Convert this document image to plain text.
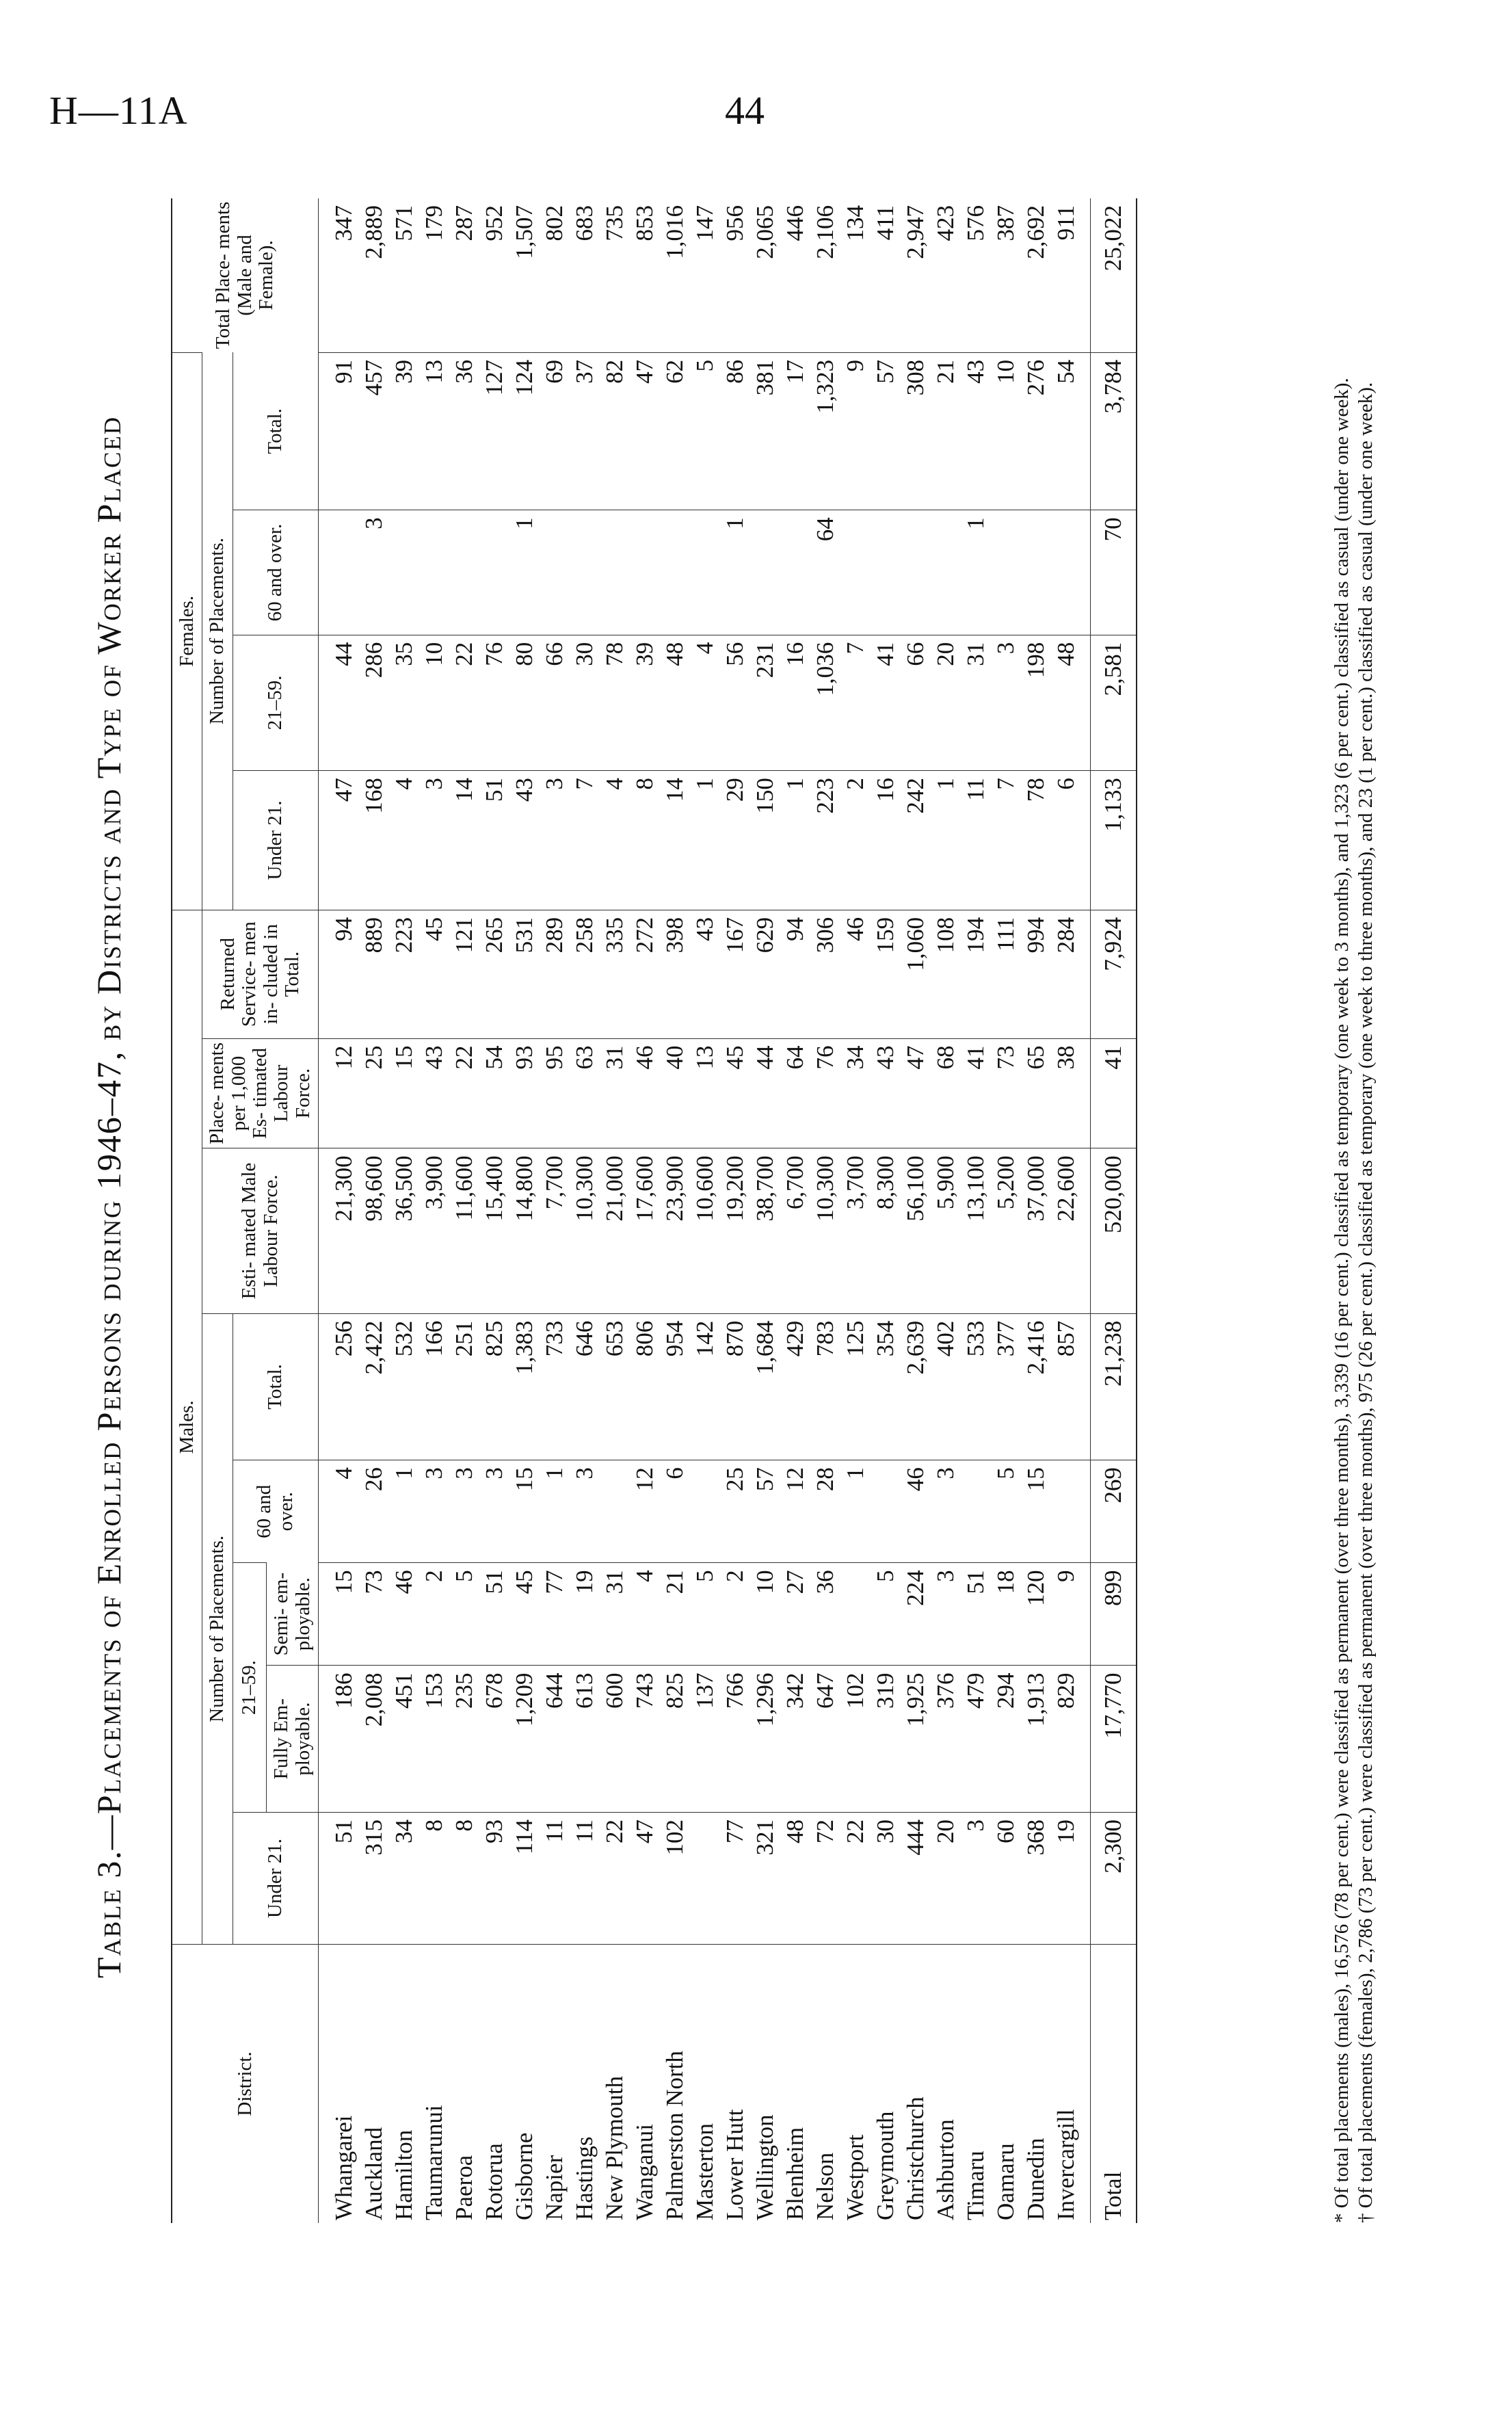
H—11A	44
Table 3.—Placements of Enrolled Persons during 1946–47, by Districts and Type of Worker Placed
District.	Males.								Females.				Total Place- ments (Male and Female).
	Number of Placements.					Esti- mated Male Labour Force.	Place- ments per 1,000 Es- timated Labour Force.	Returned Service- men in- cluded in Total.	Number of Placements.				
	Under 21.	21–59.		60 and over.	Total.				Under 21.	21–59.	60 and over.	Total.	
		Fully Em- ployable.	Semi- em- ployable.										
Whangarei	51	186	15	4	256	21,300	12	94	47	44		91	347
Auckland	315	2,008	73	26	2,422	98,600	25	889	168	286	3	457	2,889
Hamilton	34	451	46	1	532	36,500	15	223	4	35		39	571
Taumarunui	8	153	2	3	166	3,900	43	45	3	10		13	179
Paeroa	8	235	5	3	251	11,600	22	121	14	22		36	287
Rotorua	93	678	51	3	825	15,400	54	265	51	76		127	952
Gisborne	114	1,209	45	15	1,383	14,800	93	531	43	80	1	124	1,507
Napier	11	644	77	1	733	7,700	95	289	3	66		69	802
Hastings	11	613	19	3	646	10,300	63	258	7	30		37	683
New Plymouth	22	600	31		653	21,000	31	335	4	78		82	735
Wanganui	47	743	4	12	806	17,600	46	272	8	39		47	853
Palmerston North	102	825	21	6	954	23,900	40	398	14	48		62	1,016
Masterton		137	5		142	10,600	13	43	1	4		5	147
Lower Hutt	77	766	2	25	870	19,200	45	167	29	56	1	86	956
Wellington	321	1,296	10	57	1,684	38,700	44	629	150	231		381	2,065
Blenheim	48	342	27	12	429	6,700	64	94	1	16		17	446
Nelson	72	647	36	28	783	10,300	76	306	223	1,036	64	1,323	2,106
Westport	22	102		1	125	3,700	34	46	2	7		9	134
Greymouth	30	319	5		354	8,300	43	159	16	41		57	411
Christchurch	444	1,925	224	46	2,639	56,100	47	1,060	242	66		308	2,947
Ashburton	20	376	3	3	402	5,900	68	108	1	20		21	423
Timaru	3	479	51		533	13,100	41	194	11	31	1	43	576
Oamaru	60	294	18	5	377	5,200	73	111	7	3		10	387
Dunedin	368	1,913	120	15	2,416	37,000	65	994	78	198		276	2,692
Invercargill	19	829	9		857	22,600	38	284	6	48		54	911
Total	2,300	17,770	899	269	21,238	520,000	41	7,924	1,133	2,581	70	3,784	25,022

* Of total placements (males), 16,576 (78 per cent.) were classified as permanent (over three months), 3,339 (16 per cent.) classified as temporary (one week to 3 months), and 1,323 (6 per cent.) classified as casual (under one week). † Of total placements (females), 2,786 (73 per cent.) were classified as permanent (over three months), 975 (26 per cent.) classified as temporary (one week to three months), and 23 (1 per cent.) classified as casual (under one week).
